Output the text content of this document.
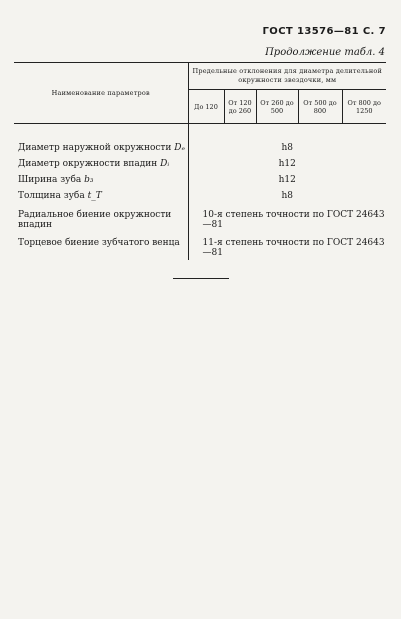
ГОСТ 13576—81 С. 7
Продолжение табл. 4
Наименование параметров	Предельные отклонения для диаметра делительной окружности звездочки, мм				
	До 120	От 120 до 260	От 260 до 500	От 500 до 800	От 800 до 1250

Диаметр наружной окружности Dₑ	h8				
Диаметр окружности впадин Dᵢ	h12				
Ширина зуба b₃	h12				
Толщина зуба t_T	h8				
Радиальное биение окружности впадин	10-я степень точности по ГОСТ 24643—81				
Торцевое биение зубчатого венца	11-я степень точности по ГОСТ 24643—81				
